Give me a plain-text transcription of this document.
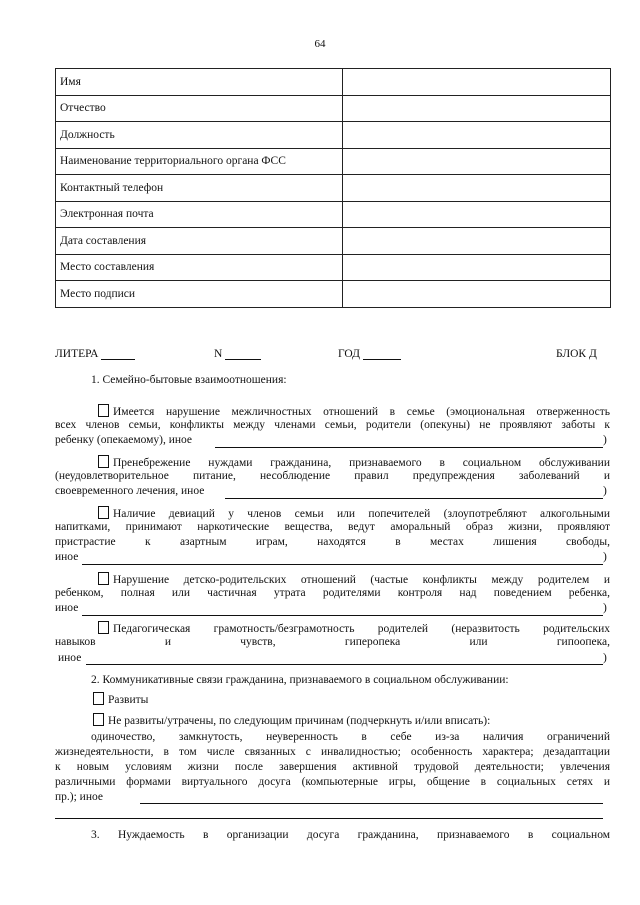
64
Имя	
Отчество	
Должность	
Наименование территориального органа ФСС	
Контактный телефон	
Электронная почта	
Дата составления	
Место составления	
Место подписи	
ЛИТЕРА	N	ГОД	БЛОК Д
1. Семейно-бытовые взаимоотношения:
Имеется нарушение межличностных отношений в семье (эмоциональная отверженность
всех членов семьи, конфликты между членами семьи, родители (опекуны) не проявляют заботы к
ребенку (опекаемому), иное	)
Пренебрежение нуждами гражданина, признаваемого в социальном обслуживании
(неудовлетворительное питание, несоблюдение правил предупреждения заболеваний и
своевременного лечения, иное	)
Наличие девиаций у членов семьи или попечителей (злоупотребляют алкогольными
напитками, принимают наркотические вещества, ведут аморальный образ жизни, проявляют
пристрастие к азартным играм, находятся в местах лишения свободы,
иное	)
Нарушение детско-родительских отношений (частые конфликты между родителем и
ребенком, полная или частичная утрата родителями контроля над поведением ребенка,
иное	)
Педагогическая грамотность/безграмотность родителей (неразвитость родительских
навыков и чувств, гиперопека или гипоопека,
иное	)
2. Коммуникативные связи гражданина, признаваемого в социальном обслуживании:
Развиты
Не развиты/утрачены, по следующим причинам (подчеркнуть и/или вписать):
одиночество, замкнутость, неуверенность в себе из-за наличия ограничений
жизнедеятельности, в том числе связанных с инвалидностью; особенность характера; дезадаптации
к новым условиям жизни после завершения активной трудовой деятельности; увлечения
различными формами виртуального досуга (компьютерные игры, общение в социальных сетях и
пр.); иное
3. Нуждаемость в организации досуга гражданина, признаваемого в социальном
